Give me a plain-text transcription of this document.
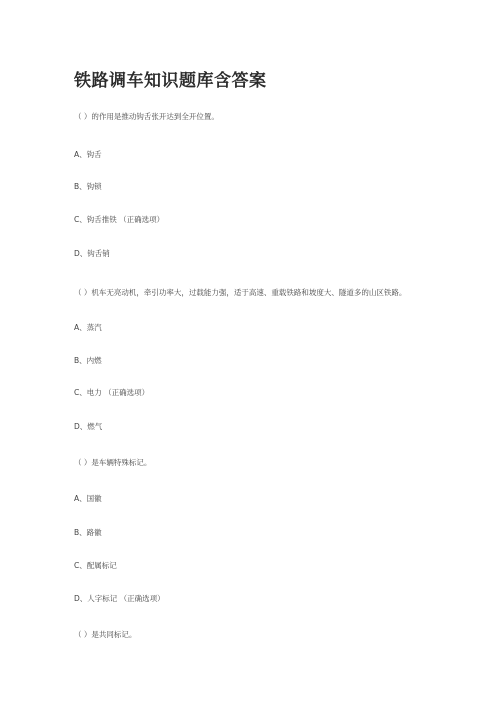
铁路调车知识题库含答案

（ ）的作用是推动钩舌张开达到全开位置。

A、钩舌

B、钩锁

C、钩舌推铁 （正确选项）

D、钩舌销

（ ）机车无亮动机，牵引功率大，过载能力强，适于高速、重载铁路和坡度大、隧道多的山区铁路。

A、蒸汽

B、内燃

C、电力 （正确选项）

D、燃气

（ ）是车辆特殊标记。

A、国徽

B、路徽

C、配属标记

D、人字标记 （正确选项）

（ ）是共同标记。
